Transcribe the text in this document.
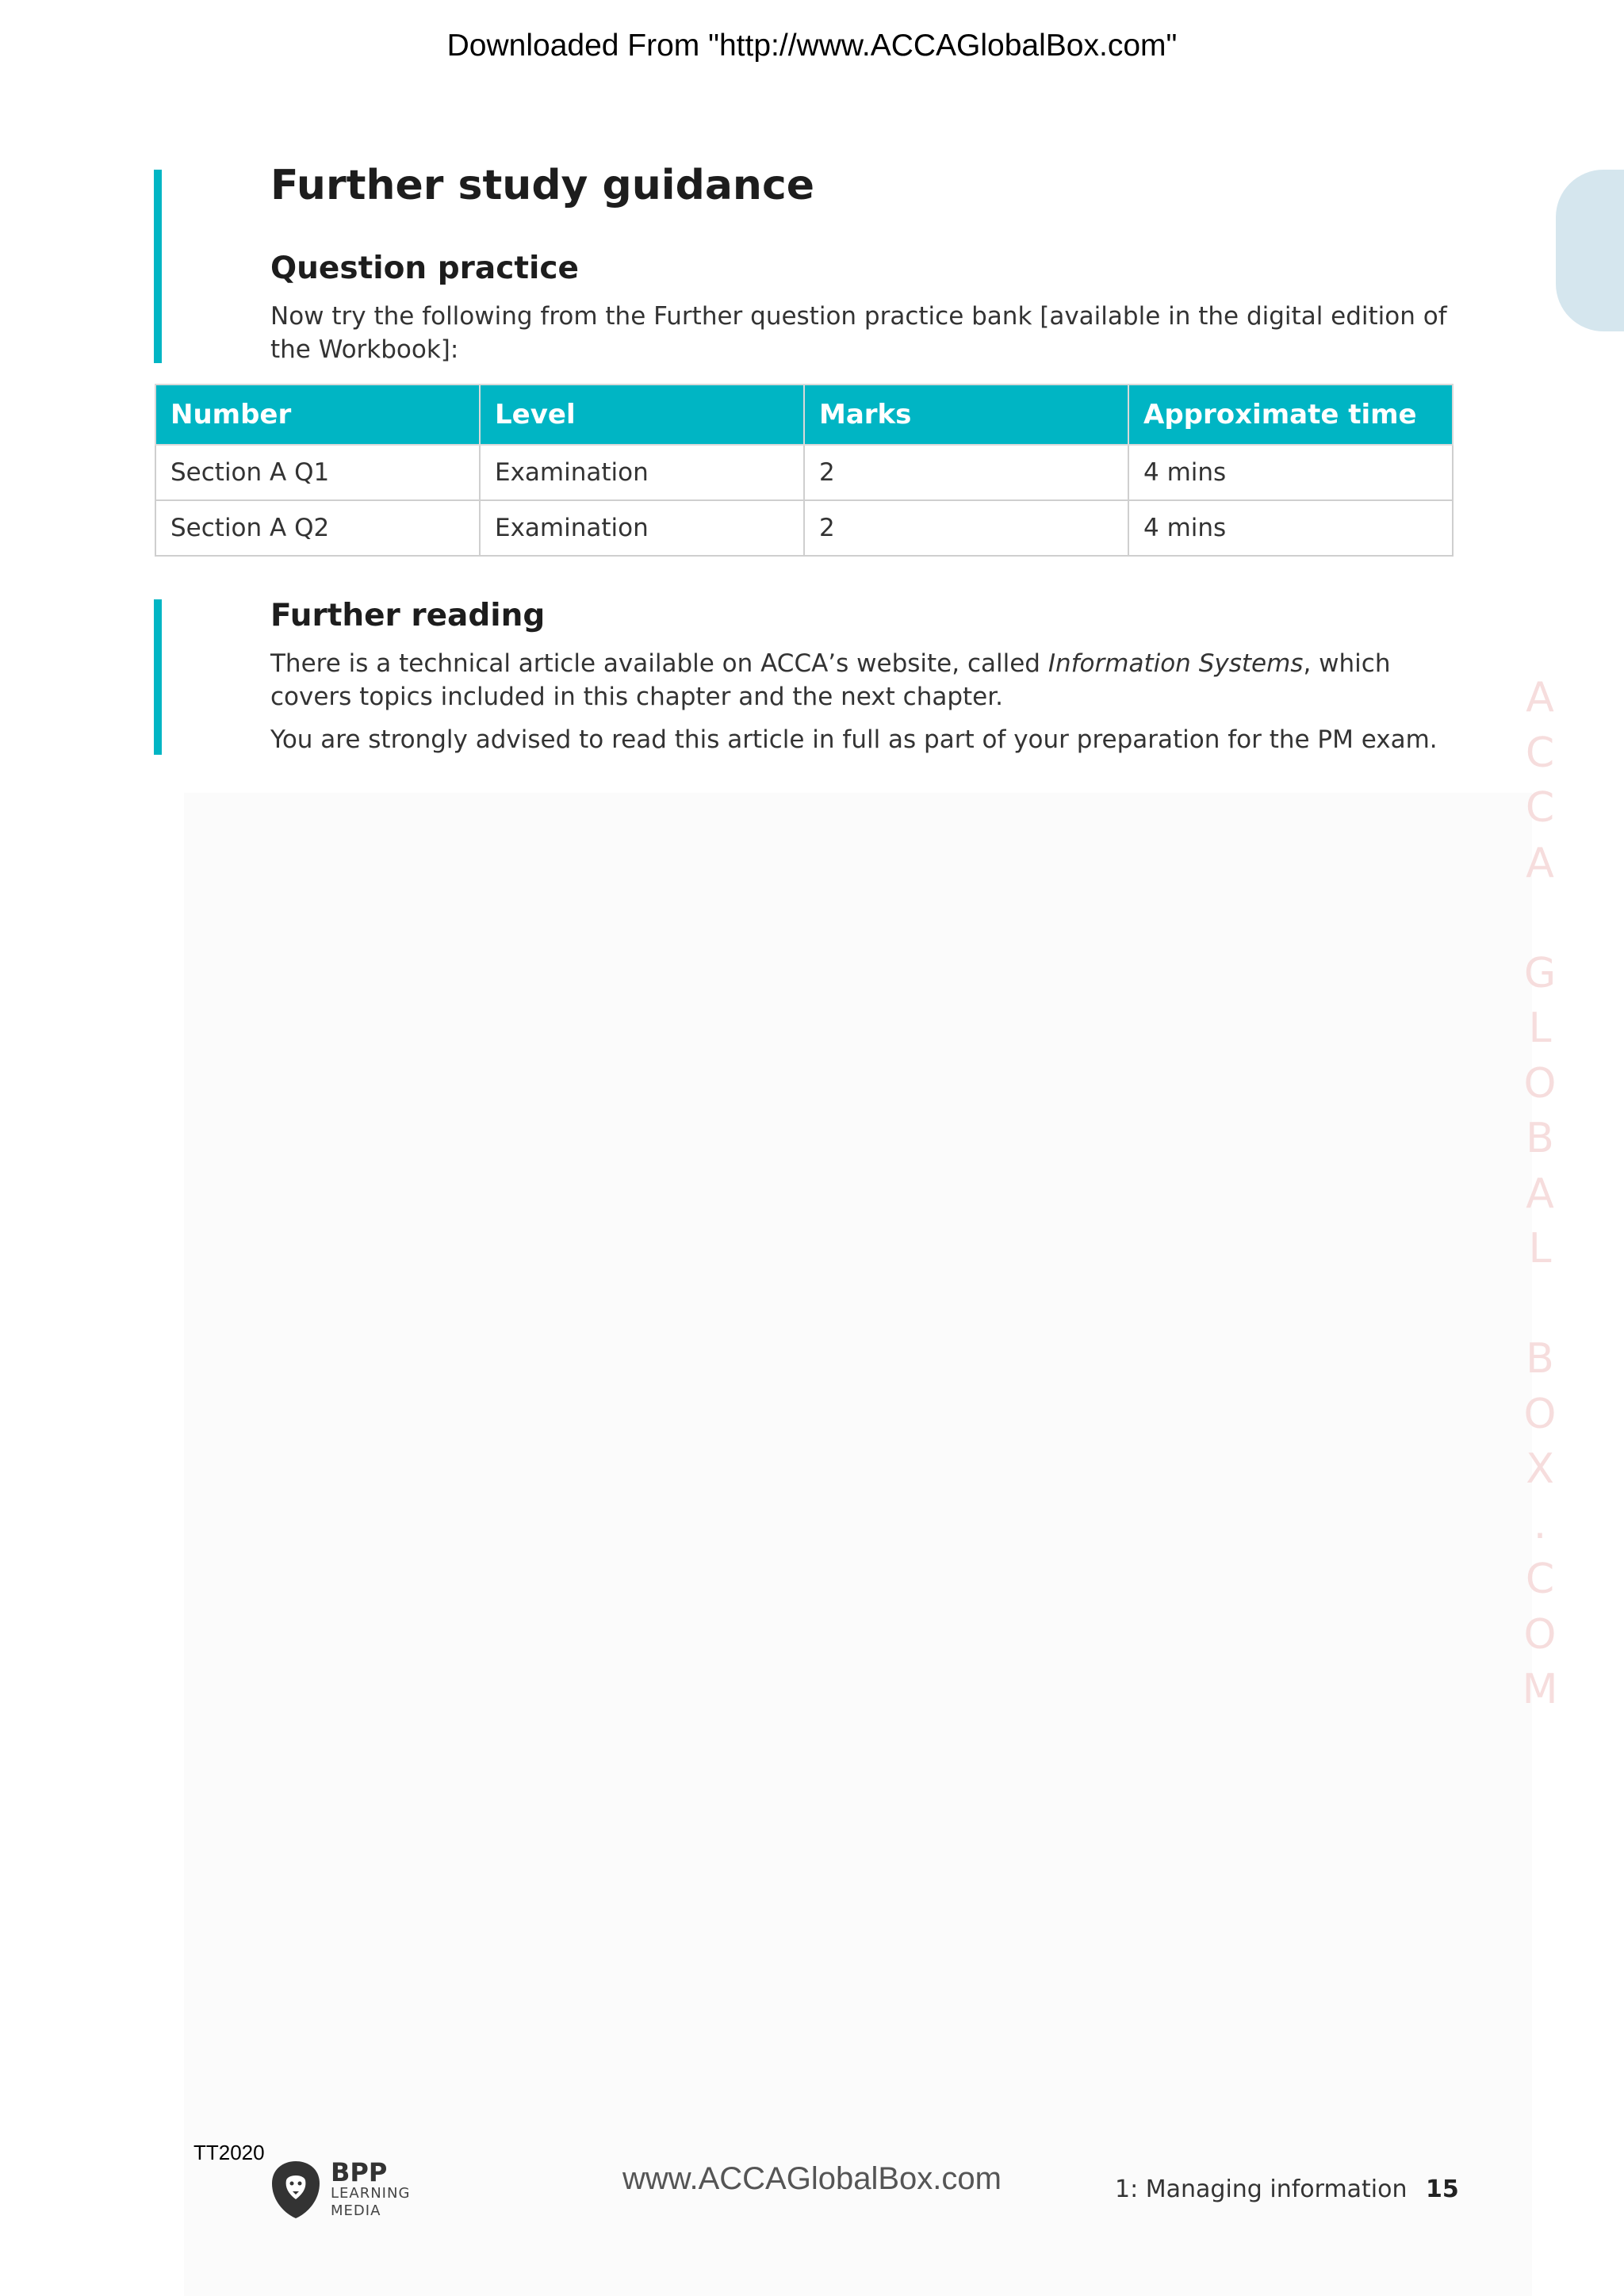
Downloaded From "http://www.ACCAGlobalBox.com"
Further study guidance
Question practice
Now try the following from the Further question practice bank [available in the digital edition of the Workbook]:
Number	Level	Marks	Approximate time
Section A Q1	Examination	2	4 mins
Section A Q2	Examination	2	4 mins
Further reading
There is a technical article available on ACCA’s website, called Information Systems, which covers topics included in this chapter and the next chapter.
You are strongly advised to read this article in full as part of your preparation for the PM exam.
A
C
C
A
G
L
O
B
A
L
B
O
X
.
C
O
M
TT2020
BPP
LEARNING
MEDIA
www.ACCAGlobalBox.com	1: Managing information 15
